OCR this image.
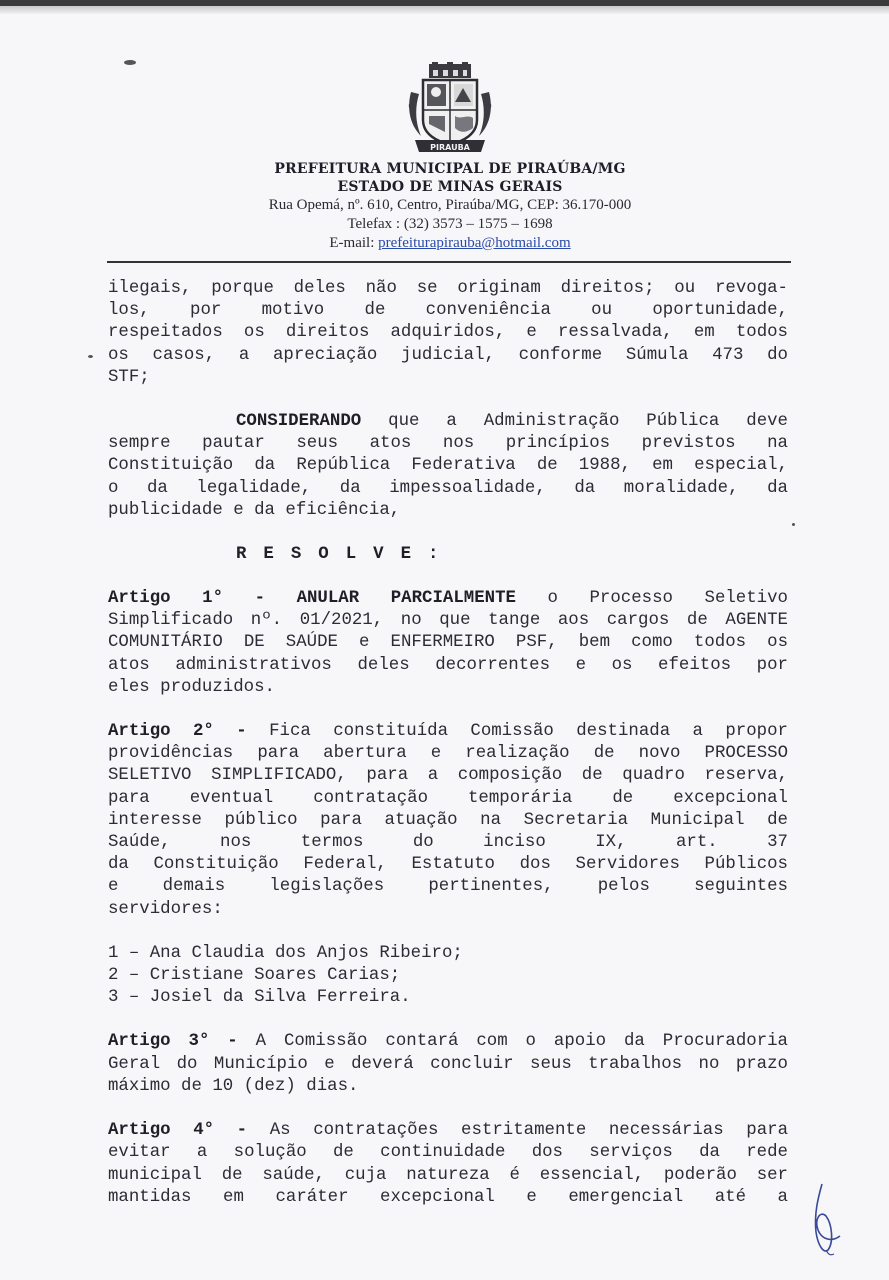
PIRAUBA
PREFEITURA MUNICIPAL DE PIRAÚBA/MG
ESTADO DE MINAS GERAIS
Rua Opemá, nº. 610, Centro, Piraúba/MG, CEP: 36.170-000
Telefax : (32) 3573 – 1575 – 1698
E-mail: prefeiturapirauba@hotmail.com
ilegais, porque deles não se originam direitos; ou revoga-
los, por motivo de conveniência ou oportunidade,
respeitados os direitos adquiridos, e ressalvada, em todos
os casos, a apreciação judicial, conforme Súmula 473 do
STF;
CONSIDERANDO que a Administração Pública deve
sempre pautar seus atos nos princípios previstos na
Constituição da República Federativa de 1988, em especial,
o da legalidade, da impessoalidade, da moralidade, da
publicidade e da eficiência,
RESOLVE:
Artigo 1° - ANULAR PARCIALMENTE o Processo Seletivo
Simplificado nº. 01/2021, no que tange aos cargos de AGENTE
COMUNITÁRIO DE SAÚDE e ENFERMEIRO PSF, bem como todos os
atos administrativos deles decorrentes e os efeitos por
eles produzidos.
Artigo 2° - Fica constituída Comissão destinada a propor
providências para abertura e realização de novo PROCESSO
SELETIVO SIMPLIFICADO, para a composição de quadro reserva,
para eventual contratação temporária de excepcional
interesse público para atuação na Secretaria Municipal de
Saúde, nos termos do inciso IX, art. 37
da Constituição Federal, Estatuto dos Servidores Públicos
e demais legislações pertinentes, pelos seguintes
servidores:
1 – Ana Claudia dos Anjos Ribeiro;
2 – Cristiane Soares Carias;
3 – Josiel da Silva Ferreira.
Artigo 3° - A Comissão contará com o apoio da Procuradoria
Geral do Município e deverá concluir seus trabalhos no prazo
máximo de 10 (dez) dias.
Artigo 4° - As contratações estritamente necessárias para
evitar a solução de continuidade dos serviços da rede
municipal de saúde, cuja natureza é essencial, poderão ser
mantidas em caráter excepcional e emergencial até a
